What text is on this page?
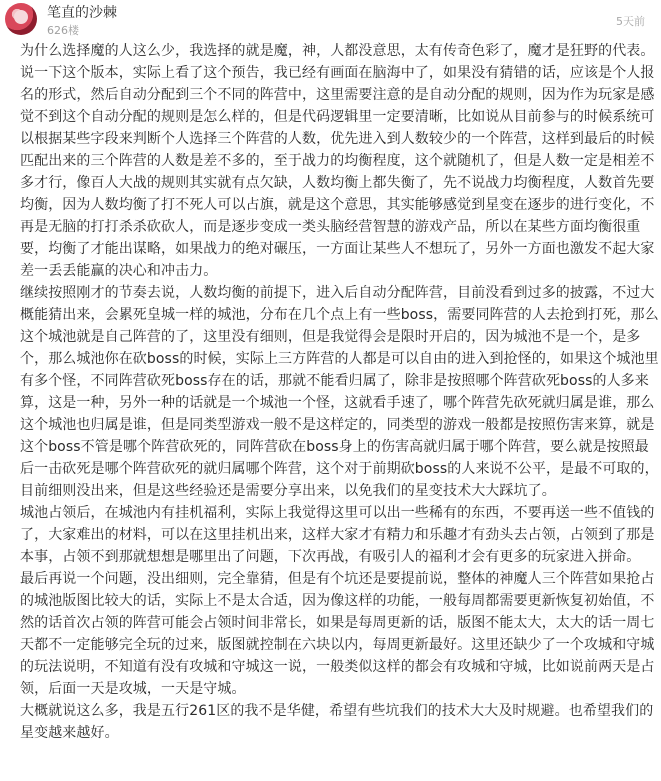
笔直的沙棘
626楼
5天前

为什么选择魔的人这么少，我选择的就是魔，神，人都没意思，太有传奇色彩了，魔才是狂野的代表。

说一下这个版本，实际上看了这个预告，我已经有画面在脑海中了，如果没有猜错的话，应该是个人报名的形式，然后自动分配到三个不同的阵营中，这里需要注意的是自动分配的规则，因为作为玩家是感觉不到这个自动分配的规则是怎么样的，但是代码逻辑里一定要清晰，比如说从目前参与的时候系统可以根据某些字段来判断个人选择三个阵营的人数，优先进入到人数较少的一个阵营，这样到最后的时候匹配出来的三个阵营的人数是差不多的，至于战力的均衡程度，这个就随机了，但是人数一定是相差不多才行，像百人大战的规则其实就有点欠缺，人数均衡上都失衡了，先不说战力均衡程度，人数首先要均衡，因为人数均衡了打不死人可以占旗，就是这个意思，其实能够感觉到星变在逐步的进行变化，不再是无脑的打打杀杀砍砍人，而是逐步变成一类头脑经营智慧的游戏产品，所以在某些方面均衡很重要，均衡了才能出谋略，如果战力的绝对碾压，一方面让某些人不想玩了，另外一方面也激发不起大家差一丢丢能赢的决心和冲击力。

继续按照刚才的节奏去说，人数均衡的前提下，进入后自动分配阵营，目前没看到过多的披露，不过大概能猜出来，会累死皇城一样的城池，分布在几个点上有一些boss，需要同阵营的人去抢到打死，那么这个城池就是自己阵营的了，这里没有细则，但是我觉得会是限时开启的，因为城池不是一个，是多个，那么城池你在砍boss的时候，实际上三方阵营的人都是可以自由的进入到抢怪的，如果这个城池里有多个怪，不同阵营砍死boss存在的话，那就不能看归属了，除非是按照哪个阵营砍死boss的人多来算，这是一种，另外一种的话就是一个城池一个怪，这就看手速了，哪个阵营先砍死就归属是谁，那么这个城池也归属是谁，但是同类型游戏一般不是这样定的，同类型的游戏一般都是按照伤害来算，就是这个boss不管是哪个阵营砍死的，同阵营砍在boss身上的伤害高就归属于哪个阵营，要么就是按照最后一击砍死是哪个阵营砍死的就归属哪个阵营，这个对于前期砍boss的人来说不公平，是最不可取的，目前细则没出来，但是这些经验还是需要分享出来，以免我们的星变技术大大踩坑了。

城池占领后，在城池内有挂机福利，实际上我觉得这里可以出一些稀有的东西，不要再送一些不值钱的了，大家难出的材料，可以在这里挂机出来，这样大家才有精力和乐趣才有劲头去占领，占领到了那是本事，占领不到那就想想是哪里出了问题，下次再战，有吸引人的福利才会有更多的玩家进入拼命。

最后再说一个问题，没出细则，完全靠猜，但是有个坑还是要提前说，整体的神魔人三个阵营如果抢占的城池版图比较大的话，实际上不是太合适，因为像这样的功能，一般每周都需要更新恢复初始值，不然的话首次占领的阵营可能会占领时间非常长，如果是每周更新的话，版图不能太大，太大的话一周七天都不一定能够完全玩的过来，版图就控制在六块以内，每周更新最好。这里还缺少了一个攻城和守城的玩法说明，不知道有没有攻城和守城这一说，一般类似这样的都会有攻城和守城，比如说前两天是占领，后面一天是攻城，一天是守城。

大概就说这么多，我是五行261区的我不是华健，希望有些坑我们的技术大大及时规避。也希望我们的星变越来越好。
